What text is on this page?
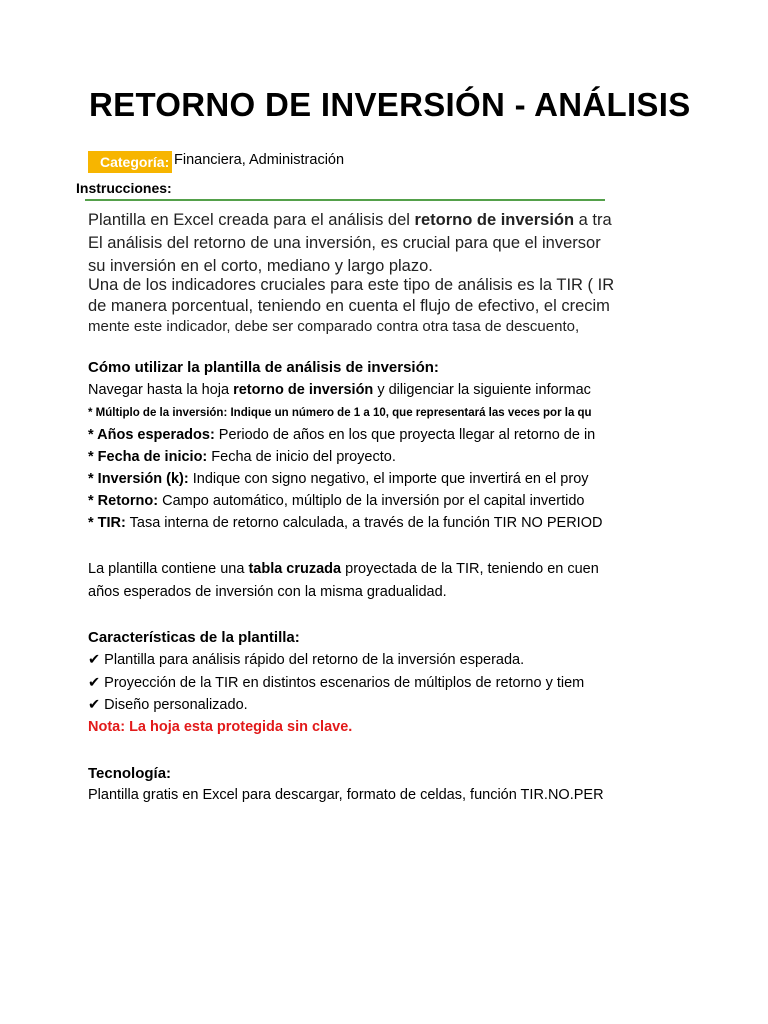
RETORNO DE INVERSIÓN - ANÁLISIS
Categoría: Financiera, Administración
Instrucciones:
Plantilla en Excel creada para el análisis del retorno de inversión a tra
El análisis del retorno de una inversión, es crucial para que el inversor
su inversión en el corto, mediano y largo plazo.
Una de los indicadores cruciales para este tipo de análisis es la TIR ( IR
de manera porcentual, teniendo en cuenta el flujo de efectivo, el crecim
mente este indicador, debe ser comparado contra otra tasa de descuento,
Cómo utilizar la plantilla de análisis de inversión:
Navegar hasta la hoja retorno de inversión y diligenciar la siguiente informac
* Múltiplo de la inversión: Indique un número de 1 a 10, que representará las veces por la qu
* Años esperados: Periodo de años en los que proyecta llegar al retorno de in
* Fecha de inicio: Fecha de inicio del proyecto.
* Inversión (k): Indique con signo negativo, el importe que invertirá en el proy
* Retorno: Campo automático, múltiplo de la inversión por el capital invertido
* TIR: Tasa interna de retorno calculada, a través de la función TIR NO PERIOD
La plantilla contiene una tabla cruzada proyectada de la TIR, teniendo en cuen
años esperados de inversión con la misma gradualidad.
Características de la plantilla:
✔ Plantilla para análisis rápido del retorno de la inversión esperada.
✔ Proyección de la TIR en distintos escenarios de múltiplos de retorno y tiem
✔ Diseño personalizado.
Nota: La hoja esta protegida sin clave.
Tecnología:
Plantilla gratis en Excel para descargar, formato de celdas, función TIR.NO.PER
